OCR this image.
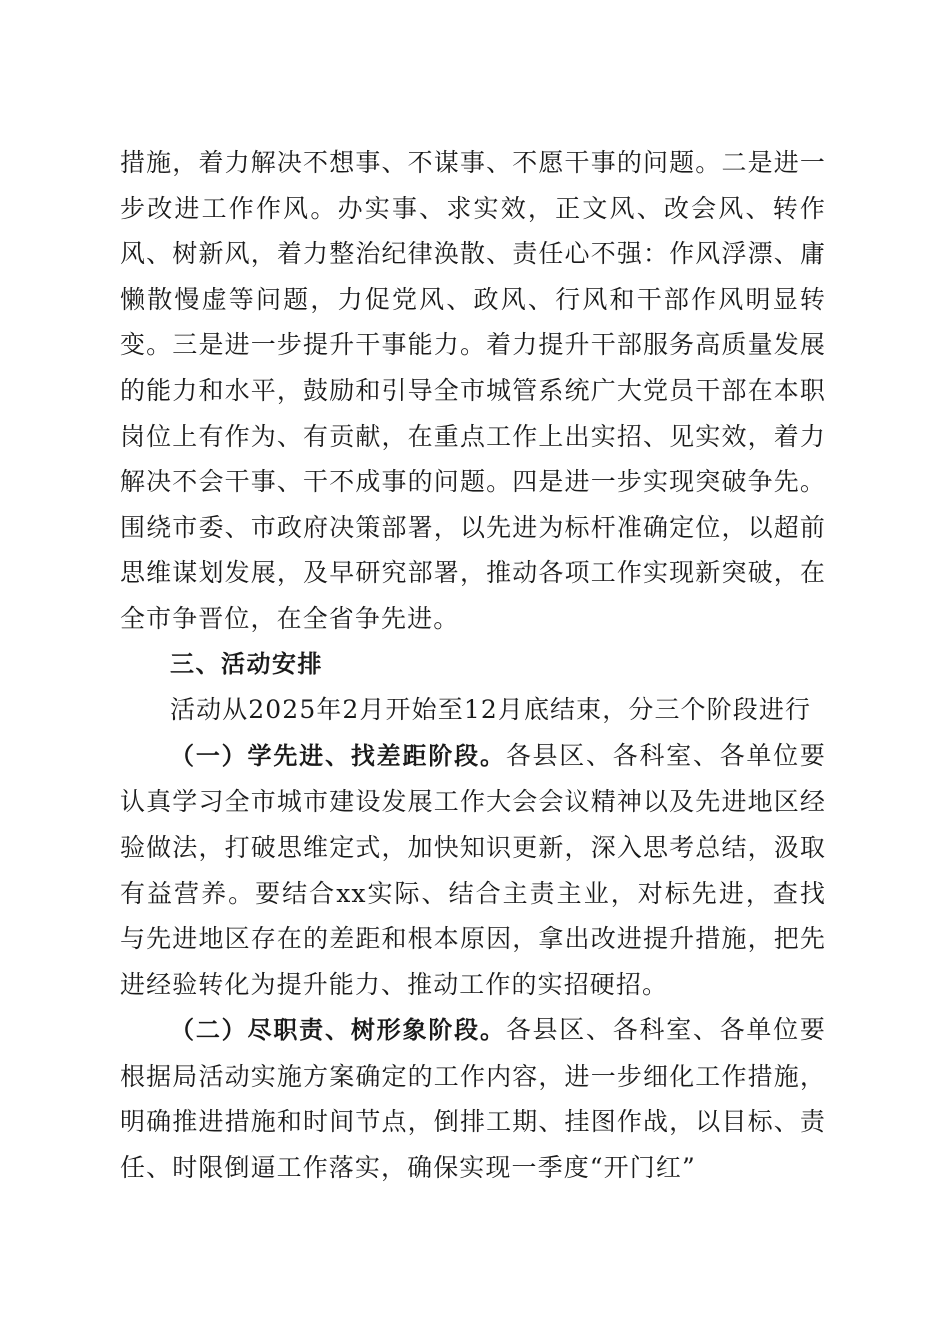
措施，着力解决不想事、不谋事、不愿干事的问题。二是进一步改进工作作风。办实事、求实效，正文风、改会风、转作风、树新风，着力整治纪律涣散、责任心不强：作风浮漂、庸懒散慢虚等问题，力促党风、政风、行风和干部作风明显转变。三是进一步提升干事能力。着力提升干部服务高质量发展的能力和水平，鼓励和引导全市城管系统广大党员干部在本职岗位上有作为、有贡献，在重点工作上出实招、见实效，着力解决不会干事、干不成事的问题。四是进一步实现突破争先。围绕市委、市政府决策部署，以先进为标杆准确定位，以超前思维谋划发展，及早研究部署，推动各项工作实现新突破，在全市争晋位，在全省争先进。

三、活动安排

活动从2025年2月开始至12月底结束，分三个阶段进行

（一）学先进、找差距阶段。各县区、各科室、各单位要认真学习全市城市建设发展工作大会会议精神以及先进地区经验做法，打破思维定式，加快知识更新，深入思考总结，汲取有益营养。要结合xx实际、结合主责主业，对标先进，查找与先进地区存在的差距和根本原因，拿出改进提升措施，把先进经验转化为提升能力、推动工作的实招硬招。

（二）尽职责、树形象阶段。各县区、各科室、各单位要根据局活动实施方案确定的工作内容，进一步细化工作措施，明确推进措施和时间节点，倒排工期、挂图作战，以目标、责任、时限倒逼工作落实，确保实现一季度“开门红”
